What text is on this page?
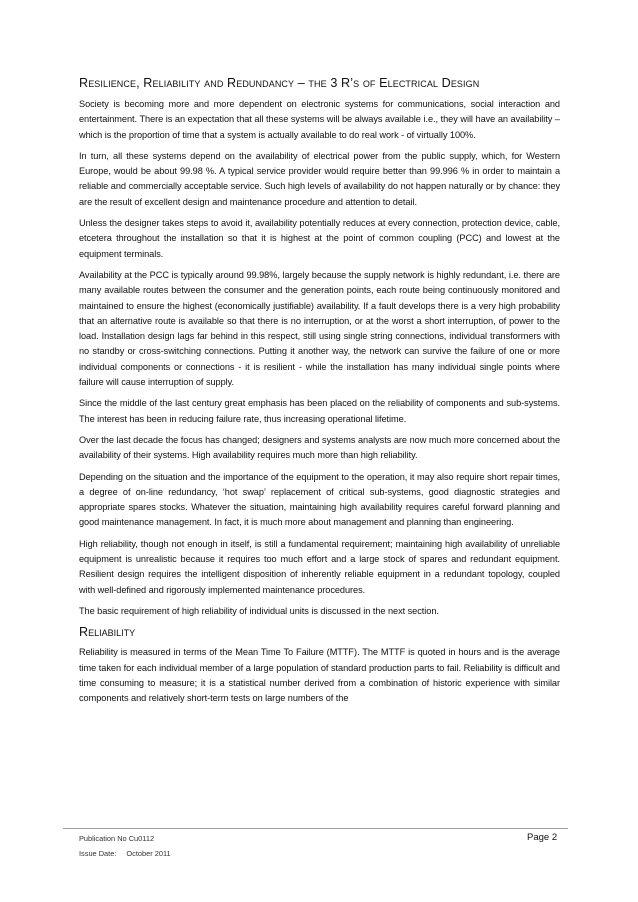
Resilience, Reliability and Redundancy – the 3 R’s of Electrical Design

Society is becoming more and more dependent on electronic systems for communications, social interaction and entertainment. There is an expectation that all these systems will be always available i.e., they will have an availability – which is the proportion of time that a system is actually available to do real work - of virtually 100%.

In turn, all these systems depend on the availability of electrical power from the public supply, which, for Western Europe, would be about 99.98 %. A typical service provider would require better than 99.996 % in order to maintain a reliable and commercially acceptable service. Such high levels of availability do not happen naturally or by chance: they are the result of excellent design and maintenance procedure and attention to detail.

Unless the designer takes steps to avoid it, availability potentially reduces at every connection, protection device, cable, etcetera throughout the installation so that it is highest at the point of common coupling (PCC) and lowest at the equipment terminals.

Availability at the PCC is typically around 99.98%, largely because the supply network is highly redundant, i.e. there are many available routes between the consumer and the generation points, each route being continuously monitored and maintained to ensure the highest (economically justifiable) availability. If a fault develops there is a very high probability that an alternative route is available so that there is no interruption, or at the worst a short interruption, of power to the load. Installation design lags far behind in this respect, still using single string connections, individual transformers with no standby or cross-switching connections. Putting it another way, the network can survive the failure of one or more individual components or connections - it is resilient - while the installation has many individual single points where failure will cause interruption of supply.

Since the middle of the last century great emphasis has been placed on the reliability of components and sub-systems. The interest has been in reducing failure rate, thus increasing operational lifetime.

Over the last decade the focus has changed; designers and systems analysts are now much more concerned about the availability of their systems. High availability requires much more than high reliability.

Depending on the situation and the importance of the equipment to the operation, it may also require short repair times, a degree of on-line redundancy, ‘hot swap’ replacement of critical sub-systems, good diagnostic strategies and appropriate spares stocks. Whatever the situation, maintaining high availability requires careful forward planning and good maintenance management. In fact, it is much more about management and planning than engineering.

High reliability, though not enough in itself, is still a fundamental requirement; maintaining high availability of unreliable equipment is unrealistic because it requires too much effort and a large stock of spares and redundant equipment. Resilient design requires the intelligent disposition of inherently reliable equipment in a redundant topology, coupled with well-defined and rigorously implemented maintenance procedures.

The basic requirement of high reliability of individual units is discussed in the next section.

Reliability

Reliability is measured in terms of the Mean Time To Failure (MTTF). The MTTF is quoted in hours and is the average time taken for each individual member of a large population of standard production parts to fail. Reliability is difficult and time consuming to measure; it is a statistical number derived from a combination of historic experience with similar components and relatively short-term tests on large numbers of the

Publication No Cu0112	Page 2
Issue Date: October 2011
